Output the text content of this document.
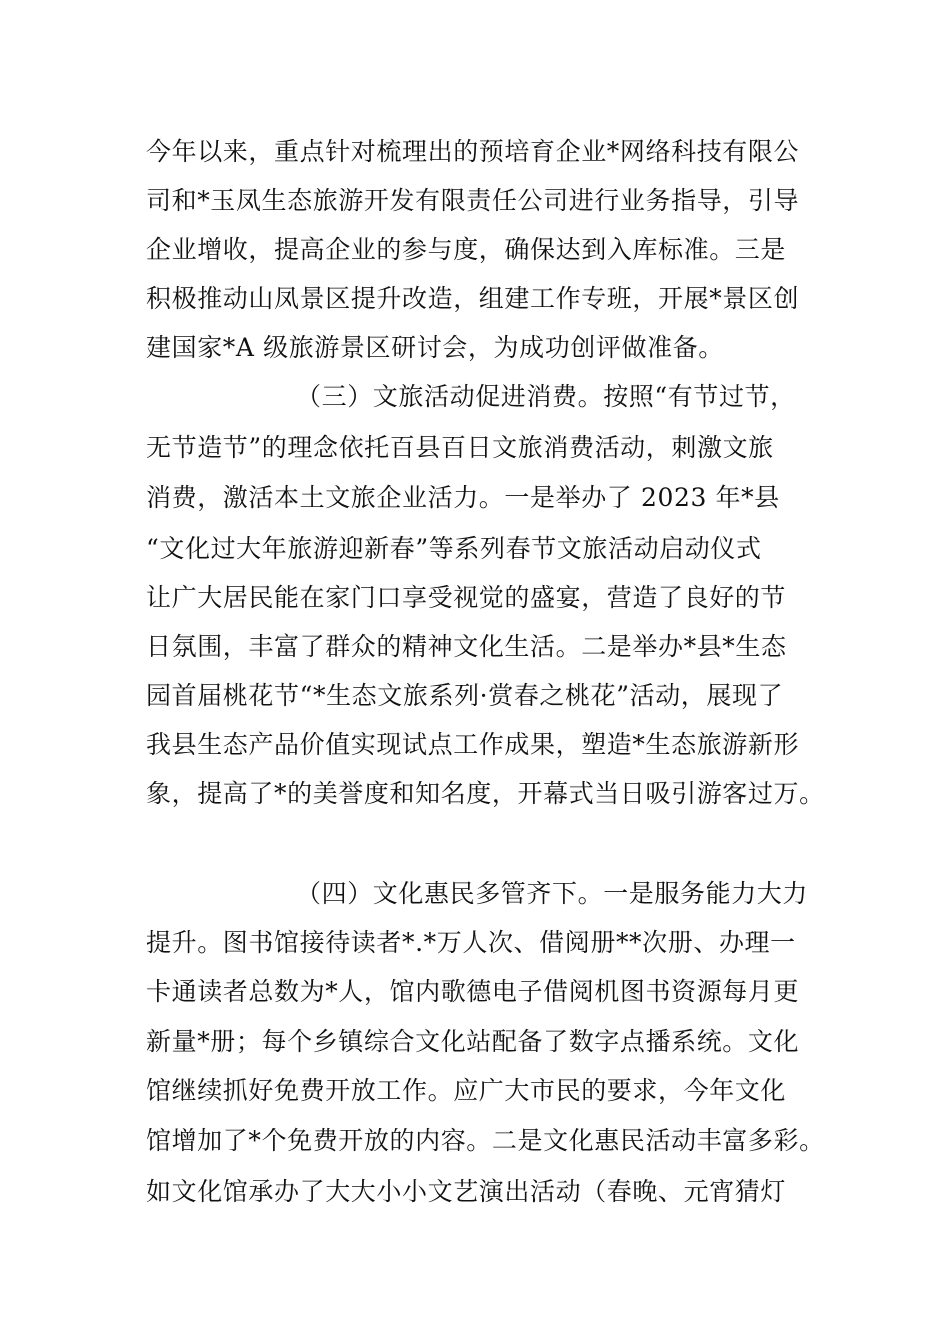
今年以来，重点针对梳理出的预培育企业*网络科技有限公
司和*玉凤生态旅游开发有限责任公司进行业务指导，引导
企业增收，提高企业的参与度，确保达到入库标准。三是
积极推动山凤景区提升改造，组建工作专班，开展*景区创
建国家*A 级旅游景区研讨会，为成功创评做准备。
（三）文旅活动促进消费。按照“有节过节，
无节造节”的理念依托百县百日文旅消费活动，刺激文旅
消费，激活本土文旅企业活力。一是举办了 2023 年*县
“文化过大年旅游迎新春”等系列春节文旅活动启动仪式
让广大居民能在家门口享受视觉的盛宴，营造了良好的节
日氛围，丰富了群众的精神文化生活。二是举办*县*生态
园首届桃花节“*生态文旅系列·赏春之桃花”活动，展现了
我县生态产品价值实现试点工作成果，塑造*生态旅游新形
象，提高了*的美誉度和知名度，开幕式当日吸引游客过万。
（四）文化惠民多管齐下。一是服务能力大力
提升。图书馆接待读者*.*万人次、借阅册**次册、办理一
卡通读者总数为*人，馆内歌德电子借阅机图书资源每月更
新量*册；每个乡镇综合文化站配备了数字点播系统。文化
馆继续抓好免费开放工作。应广大市民的要求，今年文化
馆增加了*个免费开放的内容。二是文化惠民活动丰富多彩。
如文化馆承办了大大小小文艺演出活动（春晚、元宵猜灯
